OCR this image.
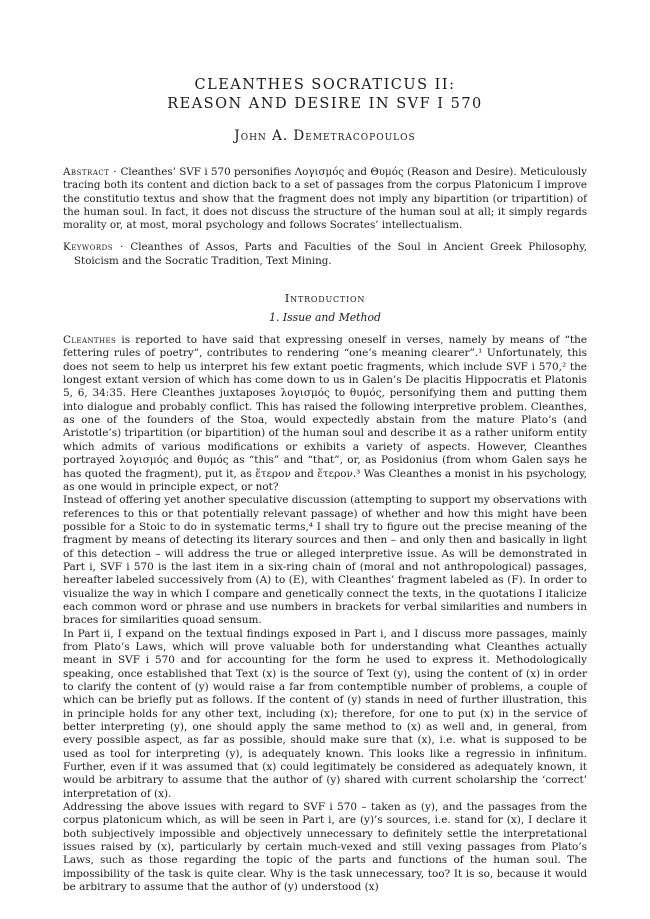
CLEANTHES SOCRATICUS II:
REASON AND DESIRE IN SVF I 570
John A. Demetracopoulos

Abstract · Cleanthes’ SVF i 570 personifies Λογισμός and Θυμός (Reason and Desire). Meticulously tracing both its content and diction back to a set of passages from the corpus Platonicum I improve the constitutio textus and show that the fragment does not imply any bipartition (or tripartition) of the human soul. In fact, it does not discuss the structure of the human soul at all; it simply regards morality or, at most, moral psychology and follows Socrates’ intellectualism.

Keywords · Cleanthes of Assos, Parts and Faculties of the Soul in Ancient Greek Philosophy, Stoicism and the Socratic Tradition, Text Mining.

Introduction
1. Issue and Method

Cleanthes is reported to have said that expressing oneself in verses, namely by means of “the fettering rules of poetry”, contributes to rendering “one’s meaning clearer”.¹ Unfortunately, this does not seem to help us interpret his few extant poetic fragments, which include SVF i 570,² the longest extant version of which has come down to us in Galen’s De placitis Hippocratis et Platonis 5, 6, 34:35. Here Cleanthes juxtaposes λογισμός to θυμός, personifying them and putting them into dialogue and probably conflict. This has raised the following interpretive problem. Cleanthes, as one of the founders of the Stoa, would expectedly abstain from the mature Plato’s (and Aristotle’s) tripartition (or bipartition) of the human soul and describe it as a rather uniform entity which admits of various modifications or exhibits a variety of aspects. However, Cleanthes portrayed λογισμός and θυμός as “this” and “that”, or, as Posidonius (from whom Galen says he has quoted the fragment), put it, as ἕτερον and ἕτερον.³ Was Cleanthes a monist in his psychology, as one would in principle expect, or not?

Instead of offering yet another speculative discussion (attempting to support my observations with references to this or that potentially relevant passage) of whether and how this might have been possible for a Stoic to do in systematic terms,⁴ I shall try to figure out the precise meaning of the fragment by means of detecting its literary sources and then – and only then and basically in light of this detection – will address the true or alleged interpretive issue. As will be demonstrated in Part i, SVF i 570 is the last item in a six-ring chain of (moral and not anthropological) passages, hereafter labeled successively from (A) to (E), with Cleanthes’ fragment labeled as (F). In order to visualize the way in which I compare and genetically connect the texts, in the quotations I italicize each common word or phrase and use numbers in brackets for verbal similarities and numbers in braces for similarities quoad sensum.

In Part ii, I expand on the textual findings exposed in Part i, and I discuss more passages, mainly from Plato’s Laws, which will prove valuable both for understanding what Cleanthes actually meant in SVF i 570 and for accounting for the form he used to express it. Methodologically speaking, once established that Text (x) is the source of Text (y), using the content of (x) in order to clarify the content of (y) would raise a far from contemptible number of problems, a couple of which can be briefly put as follows. If the content of (y) stands in need of further illustration, this in principle holds for any other text, including (x); therefore, for one to put (x) in the service of better interpreting (y), one should apply the same method to (x) as well and, in general, from every possible aspect, as far as possible, should make sure that (x), i.e. what is supposed to be used as tool for interpreting (y), is adequately known. This looks like a regressio in infinitum. Further, even if it was assumed that (x) could legitimately be considered as adequately known, it would be arbitrary to assume that the author of (y) shared with current scholarship the ‘correct’ interpretation of (x).

Addressing the above issues with regard to SVF i 570 – taken as (y), and the passages from the corpus platonicum which, as will be seen in Part i, are (y)’s sources, i.e. stand for (x), I declare it both subjectively impossible and objectively unnecessary to definitely settle the interpretational issues raised by (x), particularly by certain much-vexed and still vexing passages from Plato’s Laws, such as those regarding the topic of the parts and functions of the human soul. The impossibility of the task is quite clear. Why is the task unnecessary, too? It is so, because it would be arbitrary to assume that the author of (y) understood (x)
